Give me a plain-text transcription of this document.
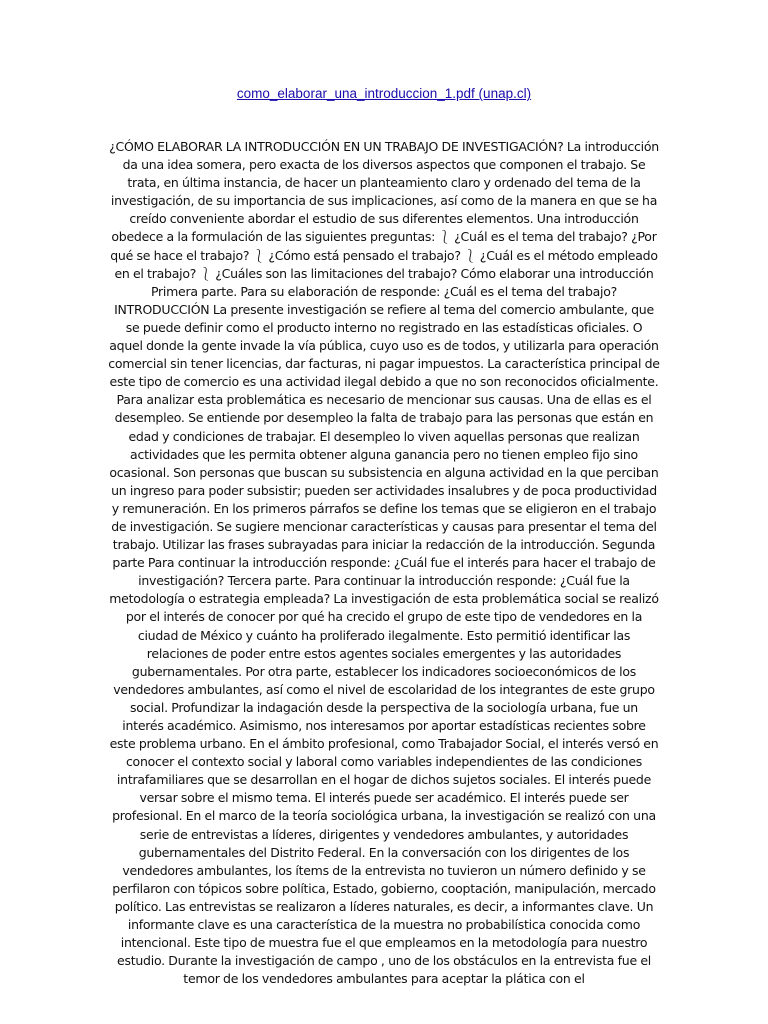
como_elaborar_una_introduccion_1.pdf (unap.cl)

¿CÓMO ELABORAR LA INTRODUCCIÓN EN UN TRABAJO DE INVESTIGACIÓN? La introducción da una idea somera, pero exacta de los diversos aspectos que componen el trabajo. Se trata, en última instancia, de hacer un planteamiento claro y ordenado del tema de la investigación, de su importancia de sus implicaciones, así como de la manera en que se ha creído conveniente abordar el estudio de sus diferentes elementos. Una introducción obedece a la formulación de las siguientes preguntas: ⎱ ¿Cuál es el tema del trabajo? ¿Por qué se hace el trabajo? ⎱ ¿Cómo está pensado el trabajo? ⎱ ¿Cuál es el método empleado en el trabajo? ⎱ ¿Cuáles son las limitaciones del trabajo? Cómo elaborar una introducción Primera parte. Para su elaboración de responde: ¿Cuál es el tema del trabajo? INTRODUCCIÓN La presente investigación se refiere al tema del comercio ambulante, que se puede definir como el producto interno no registrado en las estadísticas oficiales. O aquel donde la gente invade la vía pública, cuyo uso es de todos, y utilizarla para operación comercial sin tener licencias, dar facturas, ni pagar impuestos. La característica principal de este tipo de comercio es una actividad ilegal debido a que no son reconocidos oficialmente. Para analizar esta problemática es necesario de mencionar sus causas. Una de ellas es el desempleo. Se entiende por desempleo la falta de trabajo para las personas que están en edad y condiciones de trabajar. El desempleo lo viven aquellas personas que realizan actividades que les permita obtener alguna ganancia pero no tienen empleo fijo sino ocasional. Son personas que buscan su subsistencia en alguna actividad en la que perciban un ingreso para poder subsistir; pueden ser actividades insalubres y de poca productividad y remuneración. En los primeros párrafos se define los temas que se eligieron en el trabajo de investigación. Se sugiere mencionar características y causas para presentar el tema del trabajo. Utilizar las frases subrayadas para iniciar la redacción de la introducción. Segunda parte Para continuar la introducción responde: ¿Cuál fue el interés para hacer el trabajo de investigación? Tercera parte. Para continuar la introducción responde: ¿Cuál fue la metodología o estrategia empleada? La investigación de esta problemática social se realizó por el interés de conocer por qué ha crecido el grupo de este tipo de vendedores en la ciudad de México y cuánto ha proliferado ilegalmente. Esto permitió identificar las relaciones de poder entre estos agentes sociales emergentes y las autoridades gubernamentales. Por otra parte, establecer los indicadores socioeconómicos de los vendedores ambulantes, así como el nivel de escolaridad de los integrantes de este grupo social. Profundizar la indagación desde la perspectiva de la sociología urbana, fue un interés académico. Asimismo, nos interesamos por aportar estadísticas recientes sobre este problema urbano. En el ámbito profesional, como Trabajador Social, el interés versó en conocer el contexto social y laboral como variables independientes de las condiciones intrafamiliares que se desarrollan en el hogar de dichos sujetos sociales. El interés puede versar sobre el mismo tema. El interés puede ser académico. El interés puede ser profesional. En el marco de la teoría sociológica urbana, la investigación se realizó con una serie de entrevistas a líderes, dirigentes y vendedores ambulantes, y autoridades gubernamentales del Distrito Federal. En la conversación con los dirigentes de los vendedores ambulantes, los ítems de la entrevista no tuvieron un número definido y se perfilaron con tópicos sobre política, Estado, gobierno, cooptación, manipulación, mercado político. Las entrevistas se realizaron a líderes naturales, es decir, a informantes clave. Un informante clave es una característica de la muestra no probabilística conocida como intencional. Este tipo de muestra fue el que empleamos en la metodología para nuestro estudio. Durante la investigación de campo , uno de los obstáculos en la entrevista fue el temor de los vendedores ambulantes para aceptar la plática con el
